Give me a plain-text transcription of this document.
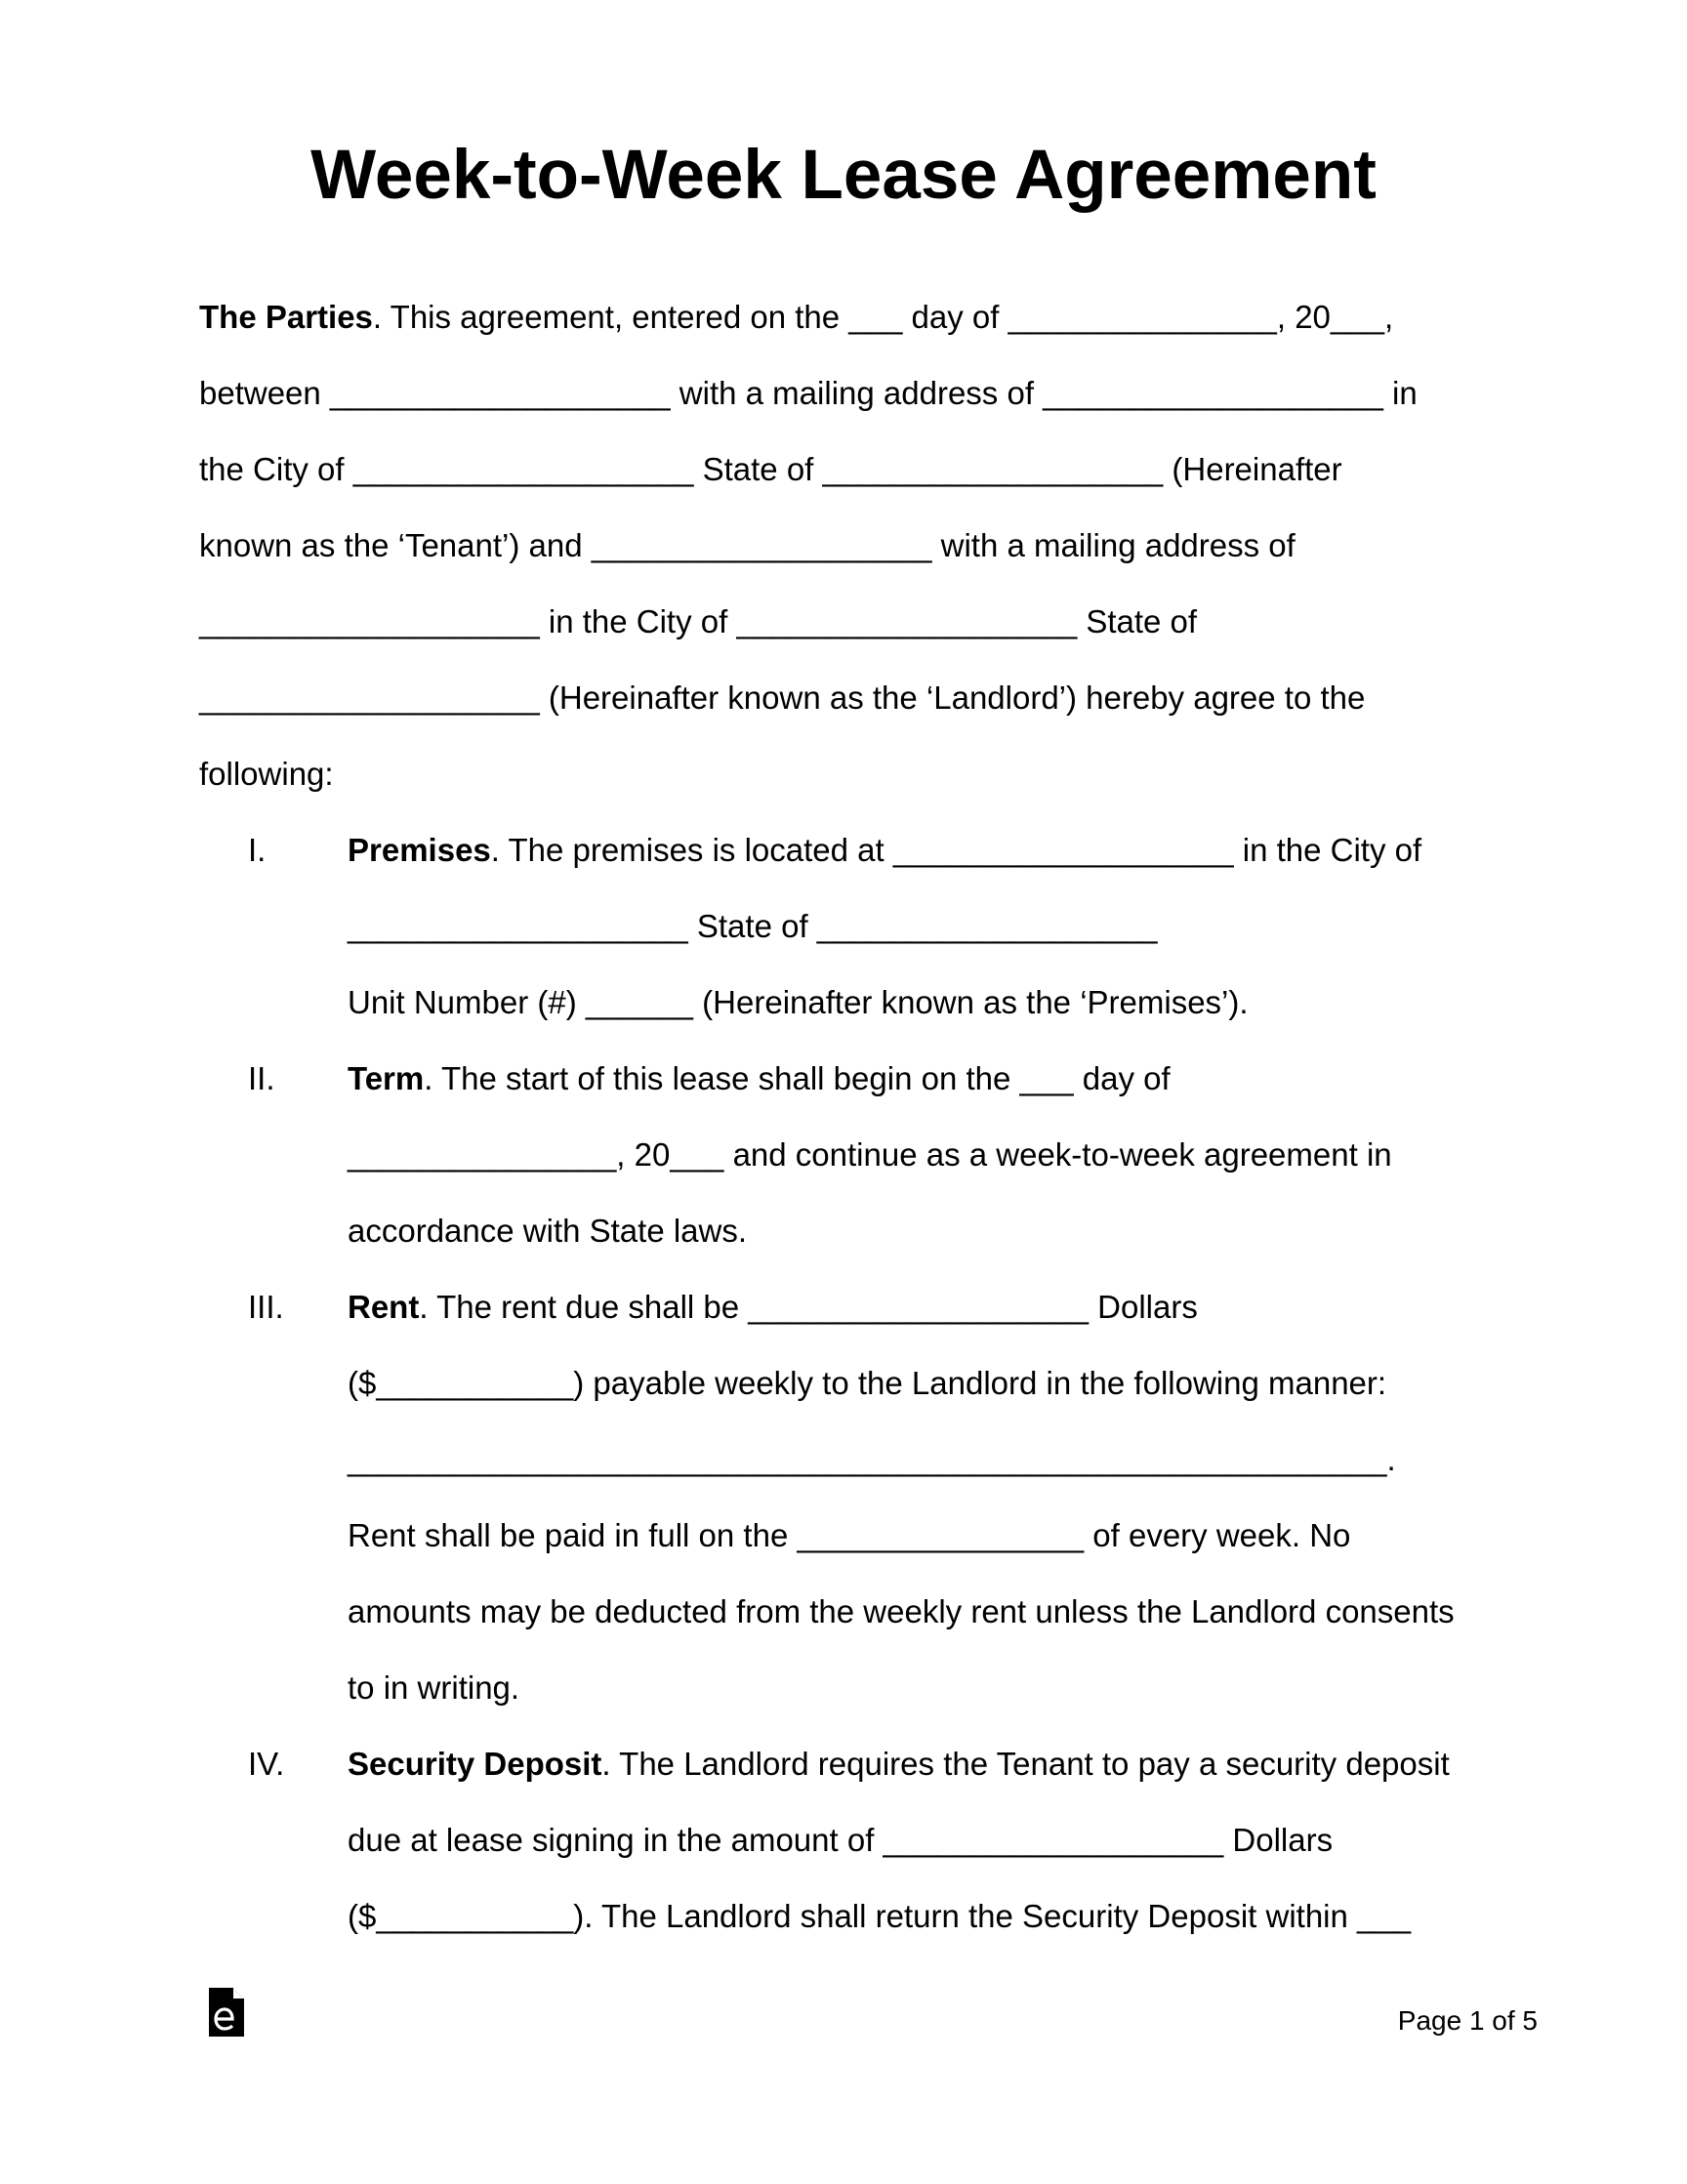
Week-to-Week Lease Agreement
The Parties. This agreement, entered on the ___ day of _______________, 20___,
between ___________________ with a mailing address of ___________________ in
the City of ___________________ State of ___________________ (Hereinafter
known as the ‘Tenant’) and ___________________ with a mailing address of
___________________ in the City of ___________________ State of
___________________ (Hereinafter known as the ‘Landlord’) hereby agree to the
following:
I.	Premises. The premises is located at ___________________ in the City of
___________________ State of ___________________
Unit Number (#) ______ (Hereinafter known as the ‘Premises’).
II. Term. The start of this lease shall begin on the ___ day of
_______________, 20___ and continue as a week-to-week agreement in
accordance with State laws.
III. Rent. The rent due shall be ___________________ Dollars
($___________) payable weekly to the Landlord in the following manner:
__________________________________________________________.
Rent shall be paid in full on the ________________ of every week. No
amounts may be deducted from the weekly rent unless the Landlord consents
to in writing.
IV. Security Deposit. The Landlord requires the Tenant to pay a security deposit
due at lease signing in the amount of ___________________ Dollars
($___________). The Landlord shall return the Security Deposit within ___
Page 1 of 5
